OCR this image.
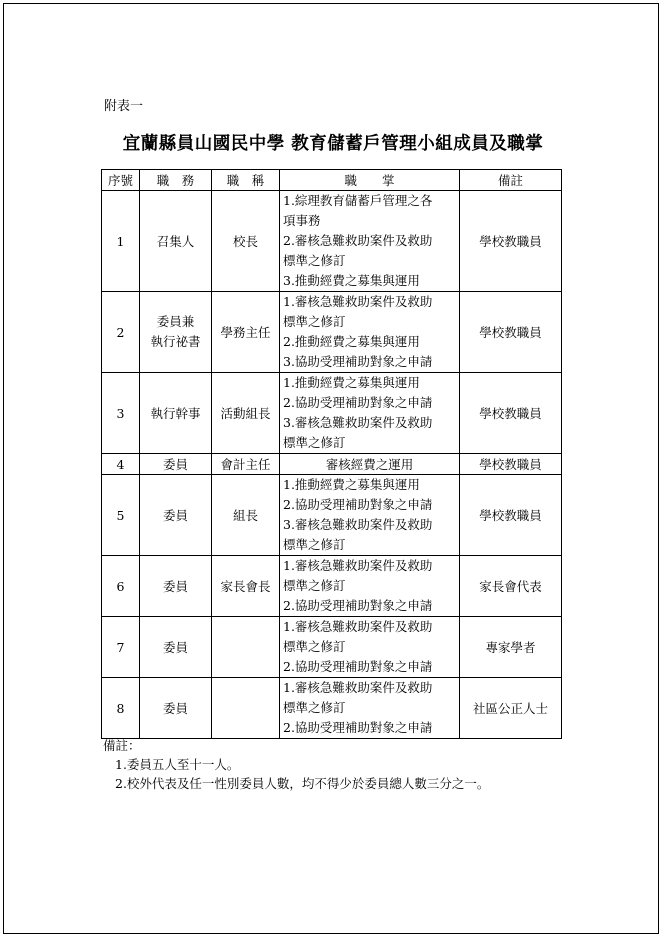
附表一
宜蘭縣員山國民中學 教育儲蓄戶管理小組成員及職掌
序號	職　務	職　稱	職　　掌	備註
1	召集人	校長	1.綜理教育儲蓄戶管理之各
項事務
2.審核急難救助案件及救助
標準之修訂
3.推動經費之募集與運用	學校教職員
2	委員兼
執行祕書	學務主任	1.審核急難救助案件及救助
標準之修訂
2.推動經費之募集與運用
3.協助受理補助對象之申請	學校教職員
3	執行幹事	活動組長	1.推動經費之募集與運用
2.協助受理補助對象之申請
3.審核急難救助案件及救助
標準之修訂	學校教職員
4	委員	會計主任	審核經費之運用	學校教職員
5	委員	組長	1.推動經費之募集與運用
2.協助受理補助對象之申請
3.審核急難救助案件及救助
標準之修訂	學校教職員
6	委員	家長會長	1.審核急難救助案件及救助
標準之修訂
2.協助受理補助對象之申請	家長會代表
7	委員		1.審核急難救助案件及救助
標準之修訂
2.協助受理補助對象之申請	專家學者
8	委員		1.審核急難救助案件及救助
標準之修訂
2.協助受理補助對象之申請	社區公正人士
備註：
1.委員五人至十一人。
2.校外代表及任一性別委員人數，均不得少於委員總人數三分之一。
